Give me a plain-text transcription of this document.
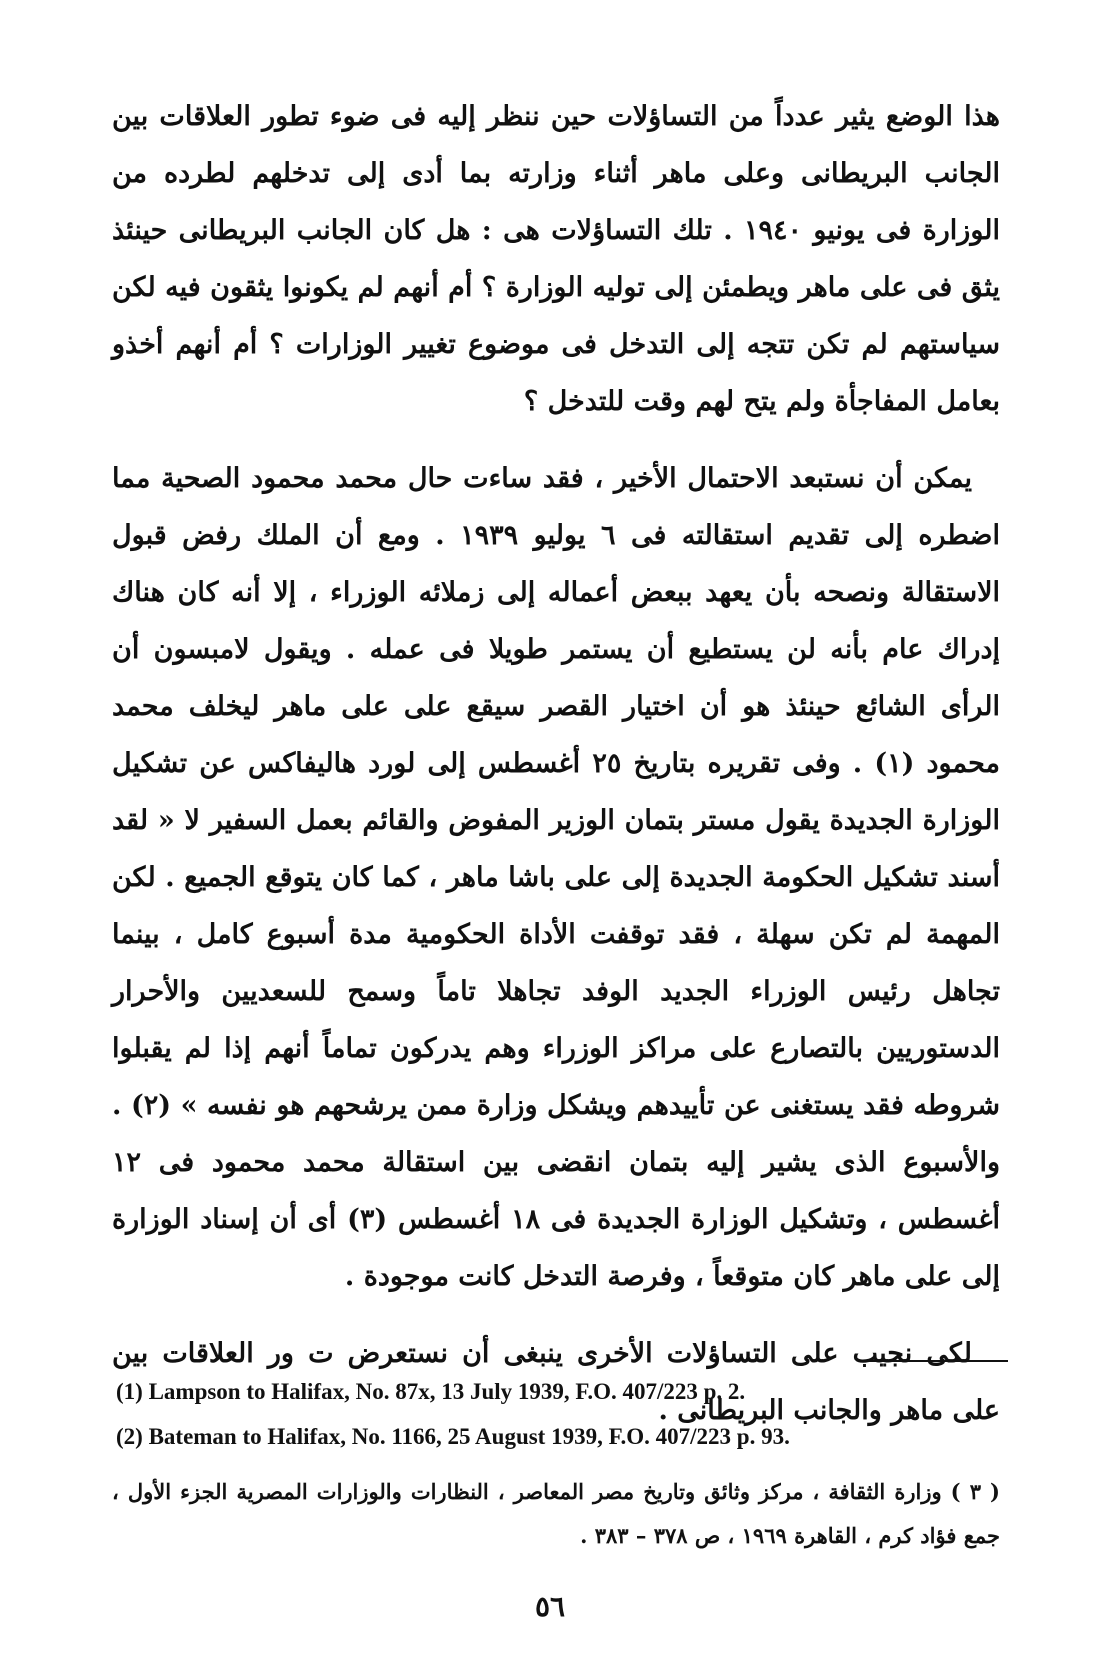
هذا الوضع يثير عدداً من التساؤلات حين ننظر إليه فى ضوء تطور العلاقات بين الجانب البريطانى وعلى ماهر أثناء وزارته بما أدى إلى تدخلهم لطرده من الوزارة فى يونيو ١٩٤٠ . تلك التساؤلات هى : هل كان الجانب البريطانى حينئذ يثق فى على ماهر ويطمئن إلى توليه الوزارة ؟ أم أنهم لم يكونوا يثقون فيه لكن سياستهم لم تكن تتجه إلى التدخل فى موضوع تغيير الوزارات ؟ أم أنهم أخذو بعامل المفاجأة ولم يتح لهم وقت للتدخل ؟

يمكن أن نستبعد الاحتمال الأخير ، فقد ساءت حال محمد محمود الصحية مما اضطره إلى تقديم استقالته فى ٦ يوليو ١٩٣٩ . ومع أن الملك رفض قبول الاستقالة ونصحه بأن يعهد ببعض أعماله إلى زملائه الوزراء ، إلا أنه كان هناك إدراك عام بأنه لن يستطيع أن يستمر طويلا فى عمله . ويقول لامبسون أن الرأى الشائع حينئذ هو أن اختيار القصر سيقع على على ماهر ليخلف محمد محمود (١) . وفى تقريره بتاريخ ٢٥ أغسطس إلى لورد هاليفاكس عن تشكيل الوزارة الجديدة يقول مستر بتمان الوزير المفوض والقائم بعمل السفير لا « لقد أسند تشكيل الحكومة الجديدة إلى على باشا ماهر ، كما كان يتوقع الجميع . لكن المهمة لم تكن سهلة ، فقد توقفت الأداة الحكومية مدة أسبوع كامل ، بينما تجاهل رئيس الوزراء الجديد الوفد تجاهلا تاماً وسمح للسعديين والأحرار الدستوريين بالتصارع على مراكز الوزراء وهم يدركون تماماً أنهم إذا لم يقبلوا شروطه فقد يستغنى عن تأييدهم ويشكل وزارة ممن يرشحهم هو نفسه » (٢) . والأسبوع الذى يشير إليه بتمان انقضى بين استقالة محمد محمود فى ١٢ أغسطس ، وتشكيل الوزارة الجديدة فى ١٨ أغسطس (٣) أى أن إسناد الوزارة إلى على ماهر كان متوقعاً ، وفرصة التدخل كانت موجودة .

لكى نجيب على التساؤلات الأخرى ينبغى أن نستعرض ت ور العلاقات بين على ماهر والجانب البريطانى .

(1) Lampson to Halifax, No. 87x, 13 July 1939, F.O. 407/223 p. 2.
(2) Bateman to Halifax, No. 1166, 25 August 1939, F.O. 407/223 p. 93.
( ٣ ) وزارة الثقافة ، مركز وثائق وتاريخ مصر المعاصر ، النظارات والوزارات المصرية الجزء الأول ، جمع فؤاد كرم ، القاهرة ١٩٦٩ ، ص ٣٧٨ – ٣٨٣ .
٥٦
